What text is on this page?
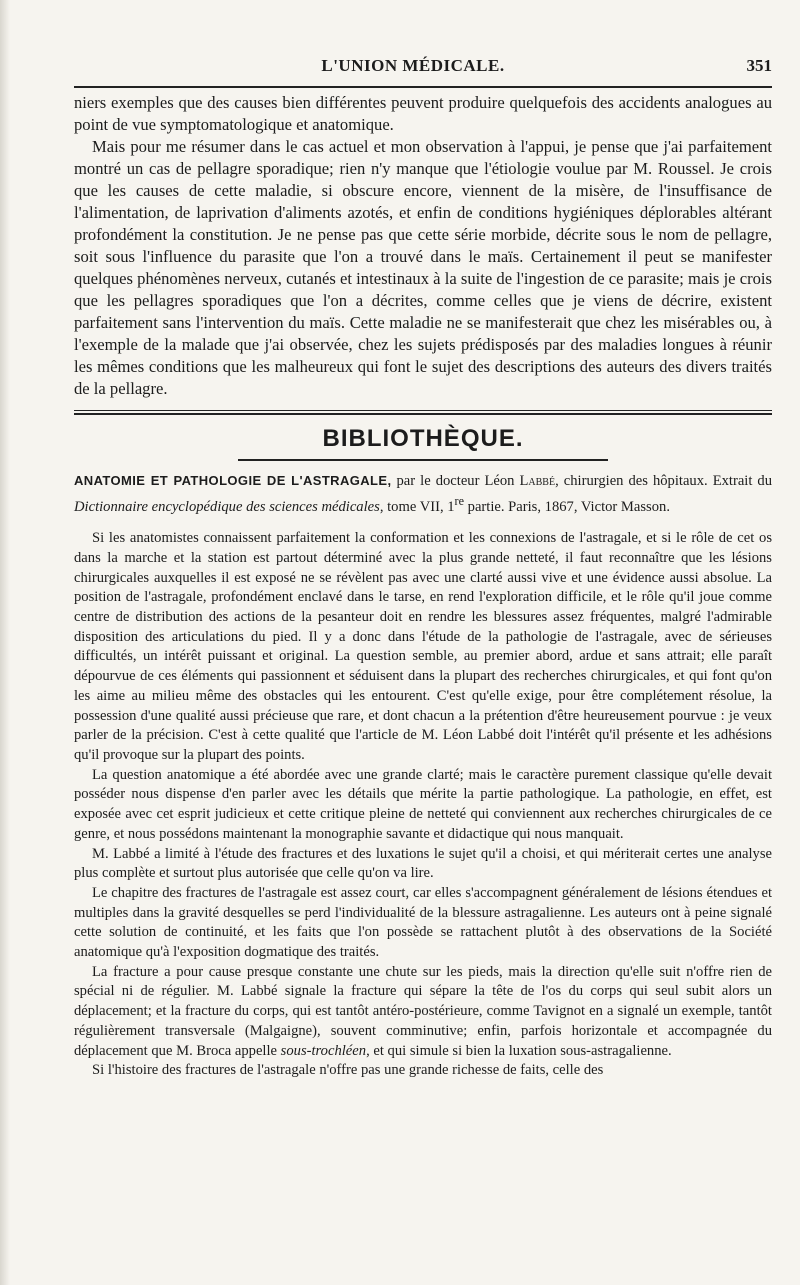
L'UNION MÉDICALE.	351

niers exemples que des causes bien différentes peuvent produire quelquefois des accidents analogues au point de vue symptomatologique et anatomique.

Mais pour me résumer dans le cas actuel et mon observation à l'appui, je pense que j'ai parfaitement montré un cas de pellagre sporadique; rien n'y manque que l'étiologie voulue par M. Roussel. Je crois que les causes de cette maladie, si obscure encore, viennent de la misère, de l'insuffisance de l'alimentation, de laprivation d'aliments azotés, et enfin de conditions hygiéniques déplorables altérant profondément la constitution. Je ne pense pas que cette série morbide, décrite sous le nom de pellagre, soit sous l'influence du parasite que l'on a trouvé dans le maïs. Certainement il peut se manifester quelques phénomènes nerveux, cutanés et intestinaux à la suite de l'ingestion de ce parasite; mais je crois que les pellagres sporadiques que l'on a décrites, comme celles que je viens de décrire, existent parfaitement sans l'intervention du maïs. Cette maladie ne se manifesterait que chez les misérables ou, à l'exemple de la malade que j'ai observée, chez les sujets prédisposés par des maladies longues à réunir les mêmes conditions que les malheureux qui font le sujet des descriptions des auteurs des divers traités de la pellagre.

BIBLIOTHÈQUE.

ANATOMIE ET PATHOLOGIE DE L'ASTRAGALE, par le docteur Léon Labbé, chirurgien des hôpitaux. Extrait du Dictionnaire encyclopédique des sciences médicales, tome VII, 1re partie. Paris, 1867, Victor Masson.

Si les anatomistes connaissent parfaitement la conformation et les connexions de l'astragale, et si le rôle de cet os dans la marche et la station est partout déterminé avec la plus grande netteté, il faut reconnaître que les lésions chirurgicales auxquelles il est exposé ne se révèlent pas avec une clarté aussi vive et une évidence aussi absolue. La position de l'astragale, profondément enclavé dans le tarse, en rend l'exploration difficile, et le rôle qu'il joue comme centre de distribution des actions de la pesanteur doit en rendre les blessures assez fréquentes, malgré l'admirable disposition des articulations du pied. Il y a donc dans l'étude de la pathologie de l'astragale, avec de sérieuses difficultés, un intérêt puissant et original. La question semble, au premier abord, ardue et sans attrait; elle paraît dépourvue de ces éléments qui passionnent et séduisent dans la plupart des recherches chirurgicales, et qui font qu'on les aime au milieu même des obstacles qui les entourent. C'est qu'elle exige, pour être complétement résolue, la possession d'une qualité aussi précieuse que rare, et dont chacun a la prétention d'être heureusement pourvue : je veux parler de la précision. C'est à cette qualité que l'article de M. Léon Labbé doit l'intérêt qu'il présente et les adhésions qu'il provoque sur la plupart des points.

La question anatomique a été abordée avec une grande clarté; mais le caractère purement classique qu'elle devait posséder nous dispense d'en parler avec les détails que mérite la partie pathologique. La pathologie, en effet, est exposée avec cet esprit judicieux et cette critique pleine de netteté qui conviennent aux recherches chirurgicales de ce genre, et nous possédons maintenant la monographie savante et didactique qui nous manquait.

M. Labbé a limité à l'étude des fractures et des luxations le sujet qu'il a choisi, et qui mériterait certes une analyse plus complète et surtout plus autorisée que celle qu'on va lire.

Le chapitre des fractures de l'astragale est assez court, car elles s'accompagnent généralement de lésions étendues et multiples dans la gravité desquelles se perd l'individualité de la blessure astragalienne. Les auteurs ont à peine signalé cette solution de continuité, et les faits que l'on possède se rattachent plutôt à des observations de la Société anatomique qu'à l'exposition dogmatique des traités.

La fracture a pour cause presque constante une chute sur les pieds, mais la direction qu'elle suit n'offre rien de spécial ni de régulier. M. Labbé signale la fracture qui sépare la tête de l'os du corps qui seul subit alors un déplacement; et la fracture du corps, qui est tantôt antéro-postérieure, comme Tavignot en a signalé un exemple, tantôt régulièrement transversale (Malgaigne), souvent comminutive; enfin, parfois horizontale et accompagnée du déplacement que M. Broca appelle sous-trochléen, et qui simule si bien la luxation sous-astragalienne.

Si l'histoire des fractures de l'astragale n'offre pas une grande richesse de faits, celle des
